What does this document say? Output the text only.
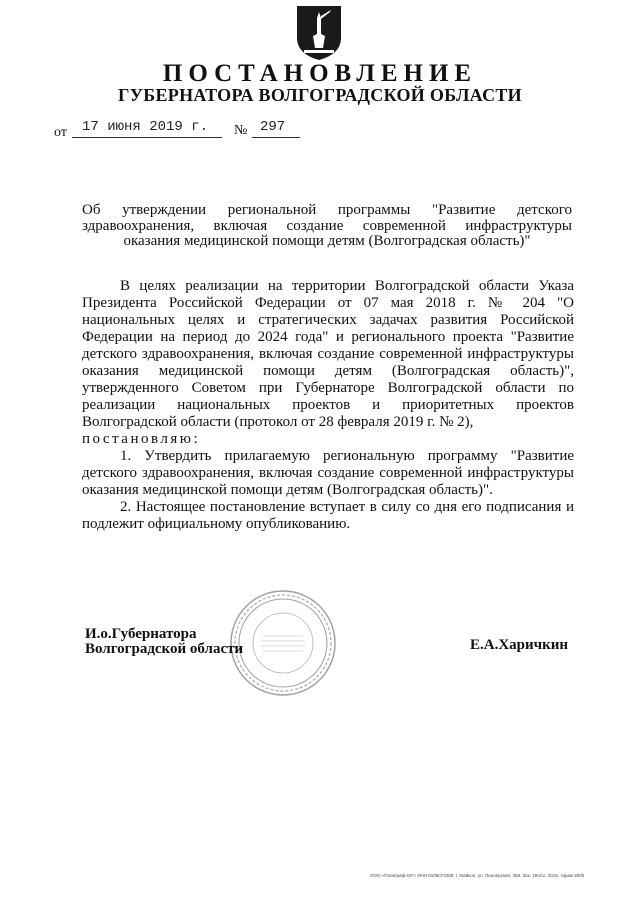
ПОСТАНОВЛЕНИЕ
ГУБЕРНАТОРА ВОЛГОГРАДСКОЙ ОБЛАСТИ
от 17 июня 2019 г. № 297
Об утверждении региональной программы "Развитие детского здравоохранения, включая создание современной инфраструктуры
оказания медицинской помощи детям (Волгоградская область)"

В целях реализации на территории Волгоградской области Указа Президента Российской Федерации от 07 мая 2018 г. № 204 "О национальных целях и стратегических задачах развития Российской Федерации на период до 2024 года" и регионального проекта "Развитие детского здравоохранения, включая создание современной инфраструктуры оказания медицинской помощи детям (Волгоградская область)", утвержденного Советом при Губернаторе Волгоградской области по реализации национальных проектов и приоритетных проектов Волгоградской области (протокол от 28 февраля 2019 г. № 2),

постановляю:

1. Утвердить прилагаемую региональную программу "Развитие детского здравоохранения, включая создание современной инфраструктуры оказания медицинской помощи детям (Волгоградская область)".

2. Настоящее постановление вступает в силу со дня его подписания и подлежит официальному опубликованию.

И.о.Губернатора
Волгоградской области	Е.А.Харичкин
ООО «Полиграф-ЮГ» ИНН 0105072309, г. Майкоп, ул. Пионерская, 368. Зак. 19оСо, 2015, тираж 5000
